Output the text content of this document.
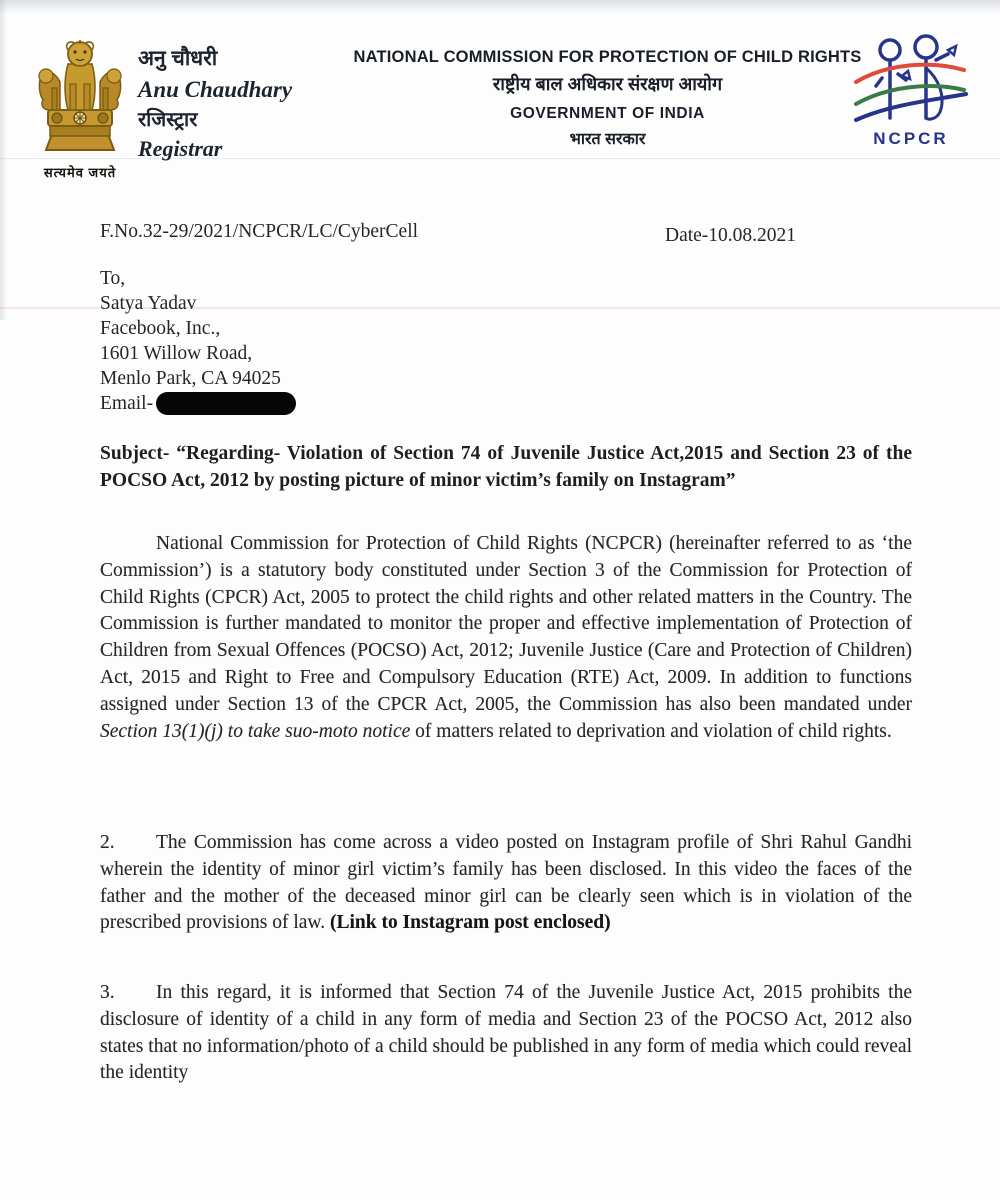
सत्यमेव जयते
अनु चौधरी
Anu Chaudhary
रजिस्ट्रार
Registrar
NATIONAL COMMISSION FOR PROTECTION OF CHILD RIGHTS
राष्ट्रीय बाल अधिकार संरक्षण आयोग
GOVERNMENT OF INDIA
भारत सरकार	NCPCR
F.No.32-29/2021/NCPCR/LC/CyberCell	Date-10.08.2021
To,
Satya Yadav
Facebook, Inc.,
1601 Willow Road,
Menlo Park, CA 94025
Email-
Subject- “Regarding- Violation of Section 74 of Juvenile Justice Act,2015 and Section 23 of the POCSO Act, 2012 by posting picture of minor victim’s family on Instagram”
National Commission for Protection of Child Rights (NCPCR) (hereinafter referred to as ‘the Commission’) is a statutory body constituted under Section 3 of the Commission for Protection of Child Rights (CPCR) Act, 2005 to protect the child rights and other related matters in the Country. The Commission is further mandated to monitor the proper and effective implementation of Protection of Children from Sexual Offences (POCSO) Act, 2012; Juvenile Justice (Care and Protection of Children) Act, 2015 and Right to Free and Compulsory Education (RTE) Act, 2009. In addition to functions assigned under Section 13 of the CPCR Act, 2005, the Commission has also been mandated under Section 13(1)(j) to take suo-moto notice of matters related to deprivation and violation of child rights.
2. The Commission has come across a video posted on Instagram profile of Shri Rahul Gandhi wherein the identity of minor girl victim’s family has been disclosed. In this video the faces of the father and the mother of the deceased minor girl can be clearly seen which is in violation of the prescribed provisions of law. (Link to Instagram post enclosed)
3. In this regard, it is informed that Section 74 of the Juvenile Justice Act, 2015 prohibits the disclosure of identity of a child in any form of media and Section 23 of the POCSO Act, 2012 also states that no information/photo of a child should be published in any form of media which could reveal the identity
